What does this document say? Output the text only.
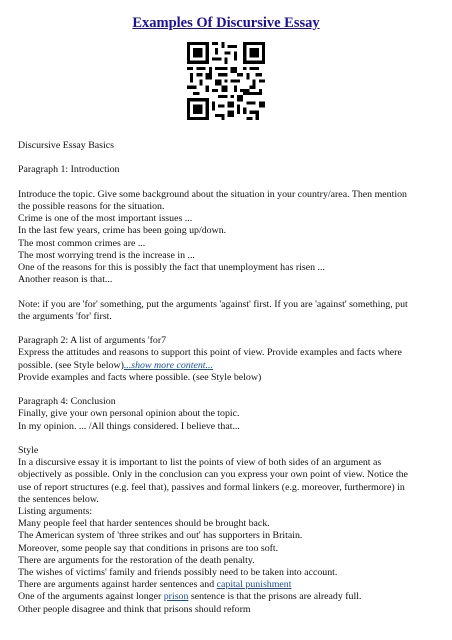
Examples Of Discursive Essay

Discursive Essay Basics

Paragraph 1: Introduction

Introduce the topic. Give some background about the situation in your country/area. Then mention

the possible reasons for the situation.

Crime is one of the most important issues ...

In the last few years, crime has been going up/down.

The most common crimes are ...

The most worrying trend is the increase in ...

One of the reasons for this is possibly the fact that unemployment has risen ...

Another reason is that...

Note: if you are 'for' something, put the arguments 'against' first. If you are 'against' something, put

the arguments 'for' first.

Paragraph 2: A list of arguments 'for7

Express the attitudes and reasons to support this point of view. Provide examples and facts where

possible. (see Style below)...show more content...

Provide examples and facts where possible. (see Style below)

Paragraph 4: Conclusion

Finally, give your own personal opinion about the topic.

In my opinion. ... /All things considered. I believe that...

Style

In a discursive essay it is important to list the points of view of both sides of an argument as

objectively as possible. Only in the conclusion can you express your own point of view. Notice the

use of report structures (e.g. feel that), passives and formal linkers (e.g. moreover, furthermore) in

the sentences below.

Listing arguments:

Many people feel that harder sentences should be brought back.

The American system of 'three strikes and out' has supporters in Britain.

Moreover, some people say that conditions in prisons are too soft.

There are arguments for the restoration of the death penalty.

The wishes of victims' family and friends possibly need to be taken into account.

There are arguments against harder sentences and capital punishment

One of the arguments against longer prison sentence is that the prisons are already full.

Other people disagree and think that prisons should reform
